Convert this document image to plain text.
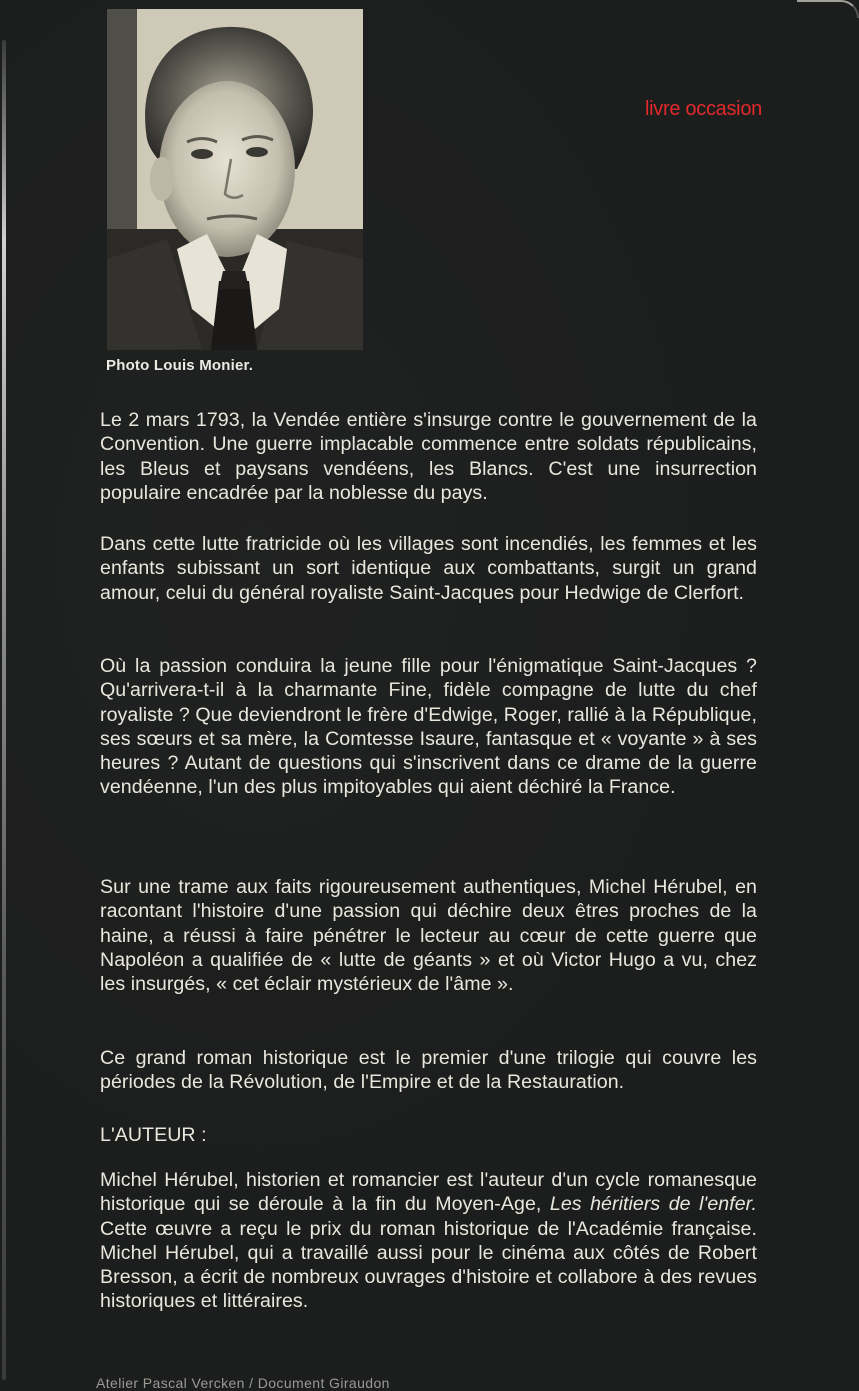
Photo Louis Monier.
livre occasion

Le 2 mars 1793, la Vendée entière s'insurge contre le gouvernement de la Convention. Une guerre implacable commence entre soldats républicains, les Bleus et paysans vendéens, les Blancs. C'est une insurrection populaire encadrée par la noblesse du pays.

Dans cette lutte fratricide où les villages sont incendiés, les femmes et les enfants subissant un sort identique aux combattants, surgit un grand amour, celui du général royaliste Saint-Jacques pour Hedwige de Clerfort.

Où la passion conduira la jeune fille pour l'énigmatique Saint-Jacques ? Qu'arrivera-t-il à la charmante Fine, fidèle compagne de lutte du chef royaliste ? Que deviendront le frère d'Edwige, Roger, rallié à la République, ses sœurs et sa mère, la Comtesse Isaure, fantasque et « voyante » à ses heures ? Autant de questions qui s'inscrivent dans ce drame de la guerre vendéenne, l'un des plus impitoyables qui aient déchiré la France.

Sur une trame aux faits rigoureusement authentiques, Michel Hérubel, en racontant l'histoire d'une passion qui déchire deux êtres proches de la haine, a réussi à faire pénétrer le lecteur au cœur de cette guerre que Napoléon a qualifiée de « lutte de géants » et où Victor Hugo a vu, chez les insurgés, « cet éclair mystérieux de l'âme ».

Ce grand roman historique est le premier d'une trilogie qui couvre les périodes de la Révolution, de l'Empire et de la Restauration.

L'AUTEUR :

Michel Hérubel, historien et romancier est l'auteur d'un cycle romanesque historique qui se déroule à la fin du Moyen-Age, Les héritiers de l'enfer. Cette œuvre a reçu le prix du roman historique de l'Académie française. Michel Hérubel, qui a travaillé aussi pour le cinéma aux côtés de Robert Bresson, a écrit de nombreux ouvrages d'histoire et collabore à des revues historiques et littéraires.

Atelier Pascal Vercken / Document Giraudon
